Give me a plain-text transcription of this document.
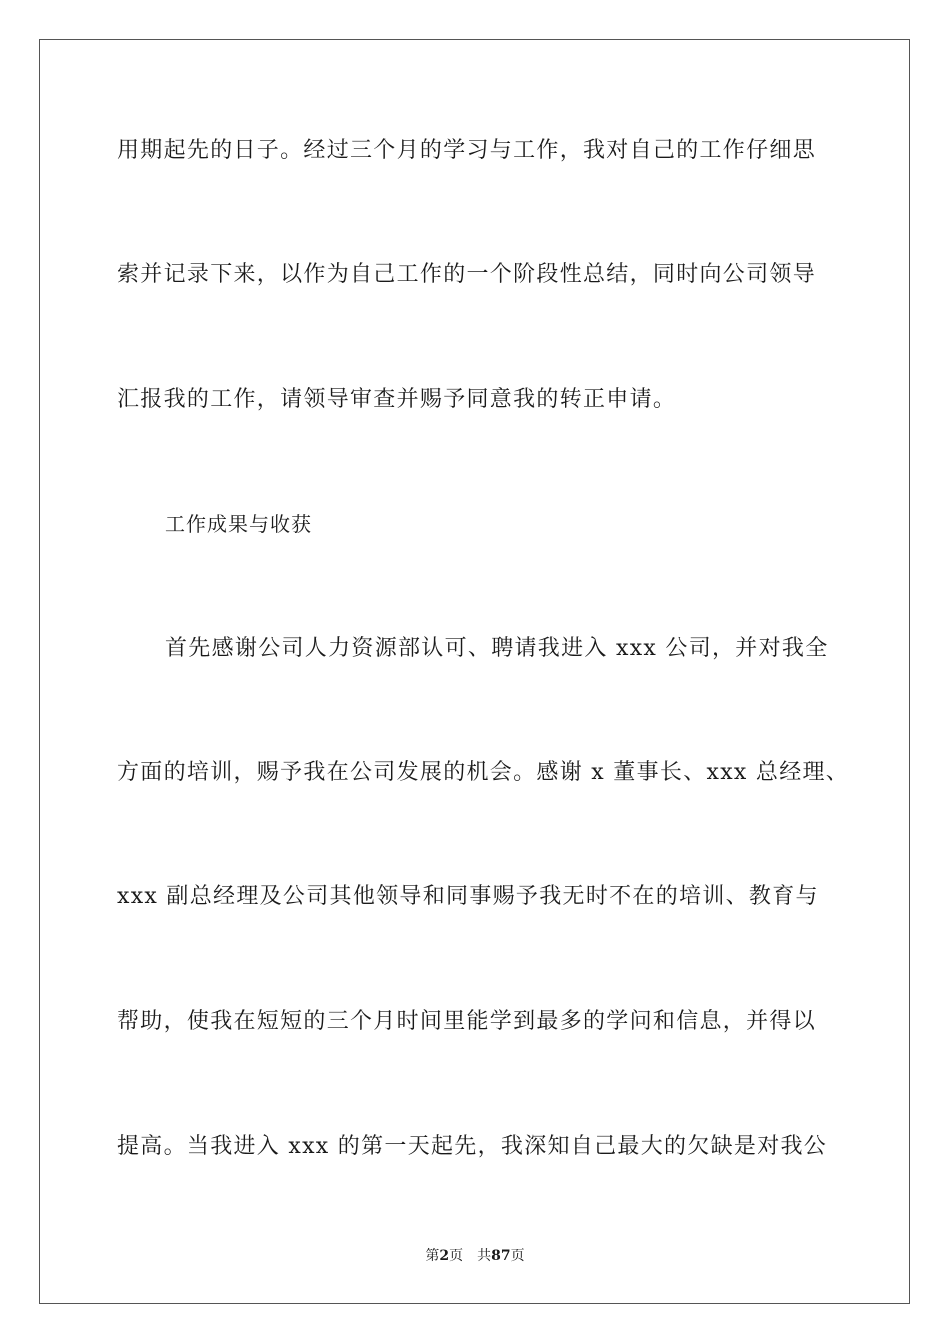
用期起先的日子。经过三个月的学习与工作，我对自己的工作仔细思
索并记录下来，以作为自己工作的一个阶段性总结，同时向公司领导
汇报我的工作，请领导审查并赐予同意我的转正申请。
工作成果与收获
首先感谢公司人力资源部认可、聘请我进入 xxx 公司，并对我全
方面的培训，赐予我在公司发展的机会。感谢 x 董事长、xxx 总经理、
xxx 副总经理及公司其他领导和同事赐予我无时不在的培训、教育与
帮助，使我在短短的三个月时间里能学到最多的学问和信息，并得以
提高。当我进入 xxx 的第一天起先，我深知自己最大的欠缺是对我公
第2页 共87页
